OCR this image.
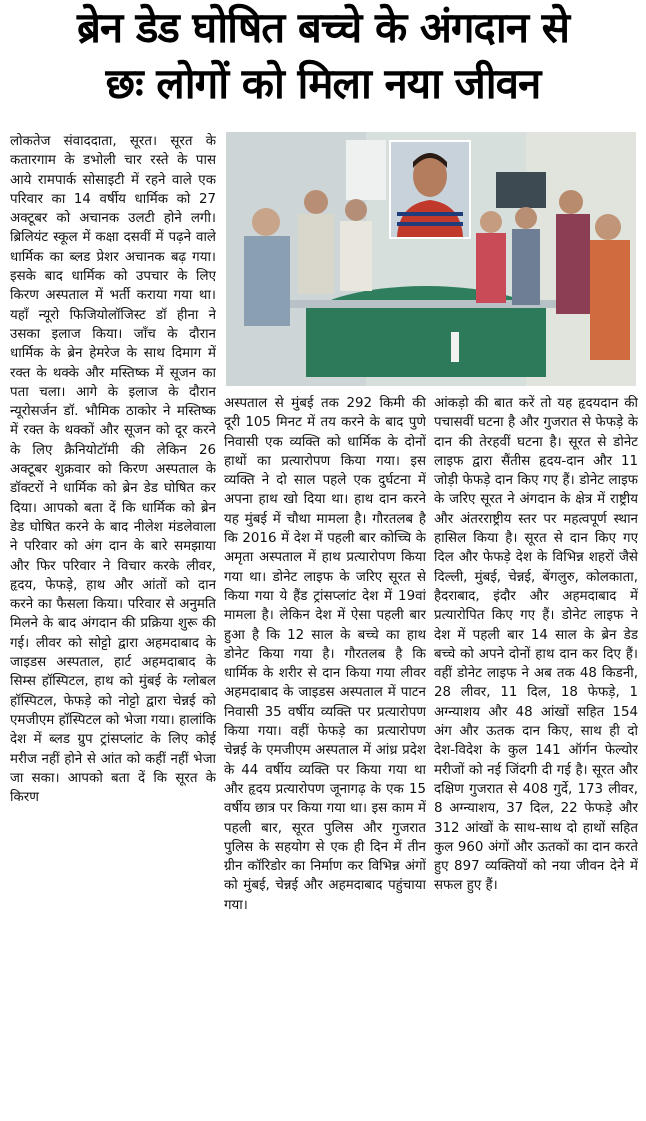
ब्रेन डेड घोषित बच्चे के अंगदान से
छः लोगों को मिला नया जीवन
लोकतेज संवाददाता, सूरत। सूरत के कतारगाम के डभोली चार रस्ते के पास आये रामपार्क सोसाइटी में रहने वाले एक परिवार का 14 वर्षीय धार्मिक को 27 अक्टूबर को अचानक उलटी होने लगी। ब्रिलियंट स्कूल में कक्षा दसवीं में पढ़ने वाले धार्मिक का ब्लड प्रेशर अचानक बढ़ गया। इसके बाद धार्मिक को उपचार के लिए किरण अस्पताल में भर्ती कराया गया था। यहाँ न्यूरो फिजियोलॉजिस्ट डॉ हीना ने उसका इलाज किया। जाँच के दौरान धार्मिक के ब्रेन हेमरेज के साथ दिमाग में रक्त के थक्के और मस्तिष्क में सूजन का पता चला। आगे के इलाज के दौरान न्यूरोसर्जन डॉ. भौमिक ठाकोर ने मस्तिष्क में रक्त के थक्कों और सूजन को दूर करने के लिए क्रैनियोटॉमी की लेकिन 26 अक्टूबर शुक्रवार को किरण अस्पताल के डॉक्टरों ने धार्मिक को ब्रेन डेड घोषित कर दिया। आपको बता दें कि धार्मिक को ब्रेन डेड घोषित करने के बाद नीलेश मंडलेवाला ने परिवार को अंग दान के बारे समझाया और फिर परिवार ने विचार करके लीवर, हृदय, फेफड़े, हाथ और आंतों को दान करने का फैसला किया। परिवार से अनुमति मिलने के बाद अंगदान की प्रक्रिया शुरू की गई। लीवर को सोट्टो द्वारा अहमदाबाद के जाइडस अस्पताल, हार्ट अहमदाबाद के सिम्स हॉस्पिटल, हाथ को मुंबई के ग्लोबल हॉस्पिटल, फेफड़े को नोट्टो द्वारा चेन्नई को एमजीएम हॉस्पिटल को भेजा गया। हालांकि देश में ब्लड ग्रुप ट्रांसप्लांट के लिए कोई मरीज नहीं होने से आंत को कहीं नहीं भेजा जा सका। आपको बता दें कि सूरत के किरण
अस्पताल से मुंबई तक 292 किमी की दूरी 105 मिनट में तय करने के बाद पुणे निवासी एक व्यक्ति को धार्मिक के दोनों हाथों का प्रत्यारोपण किया गया। इस व्यक्ति ने दो साल पहले एक दुर्घटना में अपना हाथ खो दिया था। हाथ दान करने यह मुंबई में चौथा मामला है। गौरतलब है कि 2016 में देश में पहली बार कोच्चि के अमृता अस्पताल में हाथ प्रत्यारोपण किया गया था। डोनेट लाइफ के जरिए सूरत से किया गया ये हैंड ट्रांसप्लांट देश में 19वां मामला है। लेकिन देश में ऐसा पहली बार हुआ है कि 12 साल के बच्चे का हाथ डोनेट किया गया है। गौरतलब है कि धार्मिक के शरीर से दान किया गया लीवर अहमदाबाद के जाइडस अस्पताल में पाटन निवासी 35 वर्षीय व्यक्ति पर प्रत्यारोपण किया गया। वहीं फेफड़े का प्रत्यारोपण चेन्नई के एमजीएम अस्पताल में आंध्र प्रदेश के 44 वर्षीय व्यक्ति पर किया गया था और हृदय प्रत्यारोपण जूनागढ़ के एक 15 वर्षीय छात्र पर किया गया था। इस काम में पहली बार, सूरत पुलिस और गुजरात पुलिस के सहयोग से एक ही दिन में तीन ग्रीन कॉरिडोर का निर्माण कर विभिन्न अंगों को मुंबई, चेन्नई और अहमदाबाद पहुंचाया गया।
आंकड़ो की बात करें तो यह हृदयदान की पचासवीं घटना है और गुजरात से फेफड़े के दान की तेरहवीं घटना है। सूरत से डोनेट लाइफ द्वारा सैंतीस हृदय-दान और 11 जोड़ी फेफड़े दान किए गए हैं। डोनेट लाइफ के जरिए सूरत ने अंगदान के क्षेत्र में राष्ट्रीय और अंतरराष्ट्रीय स्तर पर महत्वपूर्ण स्थान हासिल किया है। सूरत से दान किए गए दिल और फेफड़े देश के विभिन्न शहरों जैसे दिल्ली, मुंबई, चेन्नई, बेंगलुरु, कोलकाता, हैदराबाद, इंदौर और अहमदाबाद में प्रत्यारोपित किए गए हैं। डोनेट लाइफ ने देश में पहली बार 14 साल के ब्रेन डेड बच्चे को अपने दोनों हाथ दान कर दिए हैं। वहीं डोनेट लाइफ ने अब तक 48 किडनी, 28 लीवर, 11 दिल, 18 फेफड़े, 1 अग्न्याशय और 48 आंखों सहित 154 अंग और ऊतक दान किए, साथ ही दो देश-विदेश के कुल 141 ऑर्गन फेल्योर मरीजों को नई जिंदगी दी गई है। सूरत और दक्षिण गुजरात से 408 गुर्दे, 173 लीवर, 8 अग्न्याशय, 37 दिल, 22 फेफड़े और 312 आंखों के साथ-साथ दो हाथों सहित कुल 960 अंगों और ऊतकों का दान करते हुए 897 व्यक्तियों को नया जीवन देने में सफल हुए हैं।
